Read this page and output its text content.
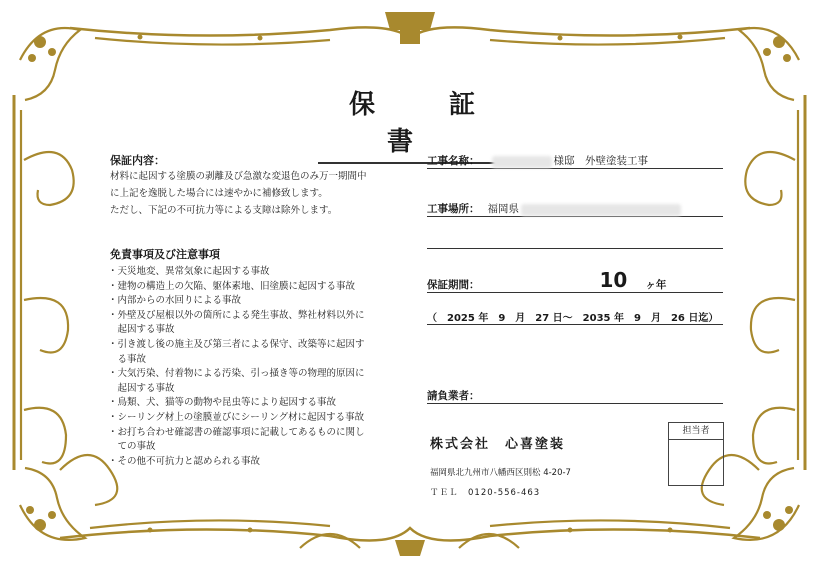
保　証　書
保証内容：
材料に起因する塗膜の剥離及び急激な変退色のみ万一期間中
に上記を逸脱した場合には速やかに補修致します。
ただし、下記の不可抗力等による支障は除外します。
免責事項及び注意事項
・天災地変、異常気象に起因する事故
・建物の構造上の欠陥、躯体素地、旧塗膜に起因する事故
・内部からの水回りによる事故
・外壁及び屋根以外の箇所による発生事故、弊社材料以外に
　起因する事故
・引き渡し後の施主及び第三者による保守、改築等に起因す
　る事故
・大気汚染、付着物による汚染、引っ掻き等の物理的原因に
　起因する事故
・鳥類、犬、猫等の動物や昆虫等により起因する事故
・シーリング材上の塗膜並びにシーリング材に起因する事故
・お打ち合わせ確認書の確認事項に記載してあるものに関し
　ての事故
・その他不可抗力と認められる事故
工事名称：	様邸　外壁塗装工事
工事場所： 福岡県
保証期間：	10 ヶ年
（　2025 年　9　月　27 日～　2035 年　9　月　26 日迄）
請負業者：
株式会社　心喜塗装
福岡県北九州市八幡西区則松 4-20-7
ＴＥＬ　0120-556-463
担当者
